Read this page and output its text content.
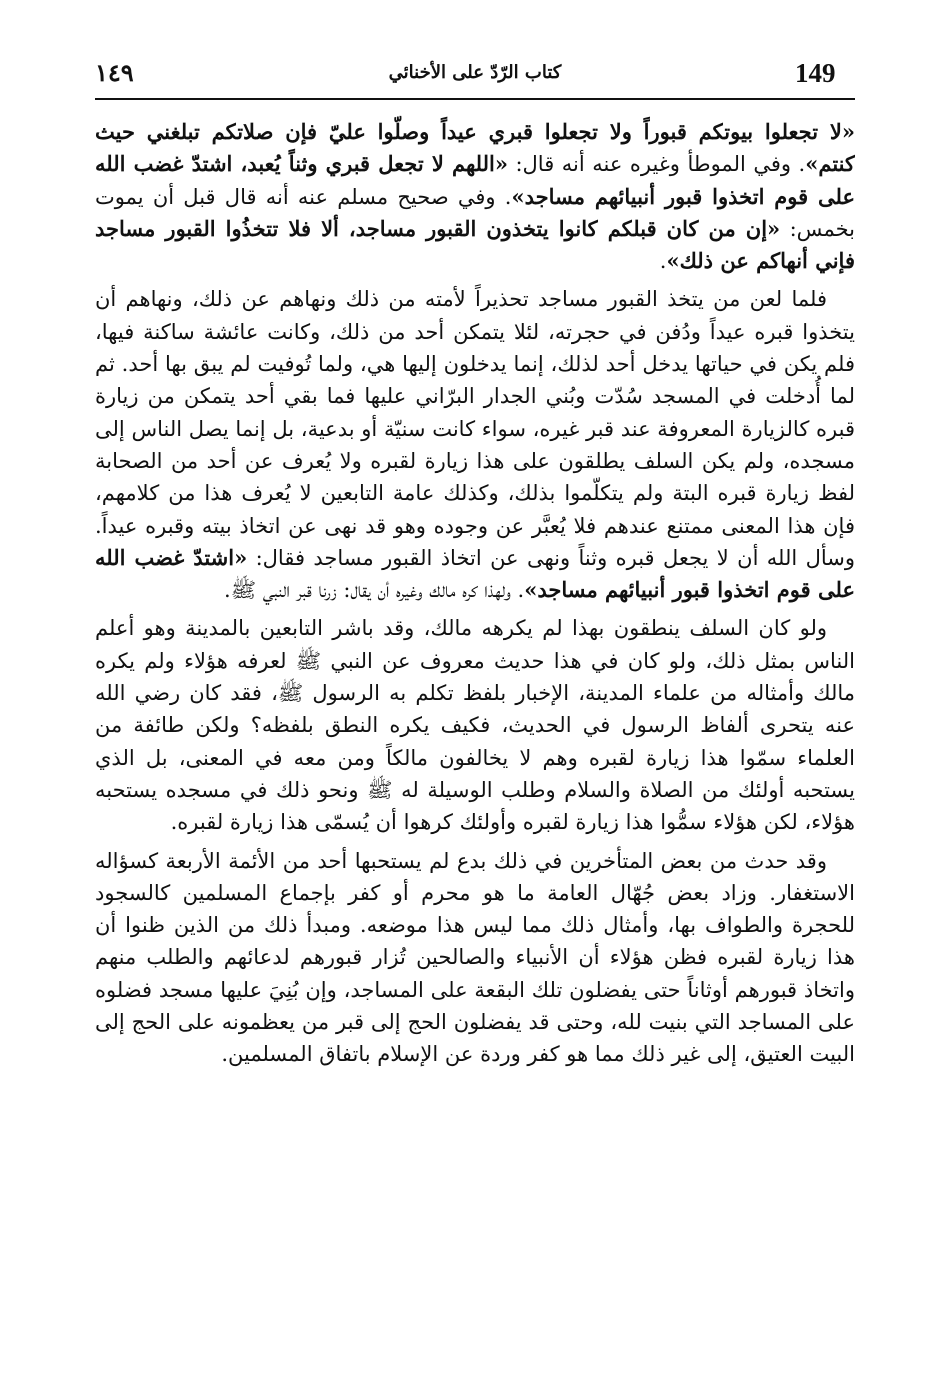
149
كتاب الرّدّ على الأخنائي
١٤٩

«لا تجعلوا بيوتكم قبوراً ولا تجعلوا قبري عيداً وصلّوا عليّ فإن صلاتكم تبلغني حيث كنتم». وفي الموطأ وغيره عنه أنه قال: «اللهم لا تجعل قبري وثناً يُعبد، اشتدّ غضب الله على قوم اتخذوا قبور أنبيائهم مساجد». وفي صحيح مسلم عنه أنه قال قبل أن يموت بخمس: «إن من كان قبلكم كانوا يتخذون القبور مساجد، ألا فلا تتخذُوا القبور مساجد فإني أنهاكم عن ذلك».

فلما لعن من يتخذ القبور مساجد تحذيراً لأمته من ذلك ونهاهم عن ذلك، ونهاهم أن يتخذوا قبره عيداً ودُفن في حجرته، لئلا يتمكن أحد من ذلك، وكانت عائشة ساكنة فيها، فلم يكن في حياتها يدخل أحد لذلك، إنما يدخلون إليها هي، ولما تُوفيت لم يبق بها أحد. ثم لما أُدخلت في المسجد سُدّت وبُني الجدار البرّاني عليها فما بقي أحد يتمكن من زيارة قبره كالزيارة المعروفة عند قبر غيره، سواء كانت سنيّة أو بدعية، بل إنما يصل الناس إلى مسجده، ولم يكن السلف يطلقون على هذا زيارة لقبره ولا يُعرف عن أحد من الصحابة لفظ زيارة قبره البتة ولم يتكلّموا بذلك، وكذلك عامة التابعين لا يُعرف هذا من كلامهم، فإن هذا المعنى ممتنع عندهم فلا يُعبَّر عن وجوده وهو قد نهى عن اتخاذ بيته وقبره عيداً. وسأل الله أن لا يجعل قبره وثناً ونهى عن اتخاذ القبور مساجد فقال: «اشتدّ غضب الله على قوم اتخذوا قبور أنبيائهم مساجد». ولهذا كره مالك وغيره أن يقال: زرنا قبر النبي ﷺ.

ولو كان السلف ينطقون بهذا لم يكرهه مالك، وقد باشر التابعين بالمدينة وهو أعلم الناس بمثل ذلك، ولو كان في هذا حديث معروف عن النبي ﷺ لعرفه هؤلاء ولم يكره مالك وأمثاله من علماء المدينة، الإخبار بلفظ تكلم به الرسول ﷺ، فقد كان رضي الله عنه يتحرى ألفاظ الرسول في الحديث، فكيف يكره النطق بلفظه؟ ولكن طائفة من العلماء سمّوا هذا زيارة لقبره وهم لا يخالفون مالكاً ومن معه في المعنى، بل الذي يستحبه أولئك من الصلاة والسلام وطلب الوسيلة له ﷺ ونحو ذلك في مسجده يستحبه هؤلاء، لكن هؤلاء سمُّوا هذا زيارة لقبره وأولئك كرهوا أن يُسمّى هذا زيارة لقبره.

وقد حدث من بعض المتأخرين في ذلك بدع لم يستحبها أحد من الأئمة الأربعة كسؤاله الاستغفار. وزاد بعض جُهّال العامة ما هو محرم أو كفر بإجماع المسلمين كالسجود للحجرة والطواف بها، وأمثال ذلك مما ليس هذا موضعه. ومبدأ ذلك من الذين ظنوا أن هذا زيارة لقبره فظن هؤلاء أن الأنبياء والصالحين تُزار قبورهم لدعائهم والطلب منهم واتخاذ قبورهم أوثاناً حتى يفضلون تلك البقعة على المساجد، وإن بُنِيَ عليها مسجد فضلوه على المساجد التي بنيت لله، وحتى قد يفضلون الحج إلى قبر من يعظمونه على الحج إلى البيت العتيق، إلى غير ذلك مما هو كفر وردة عن الإسلام باتفاق المسلمين.
